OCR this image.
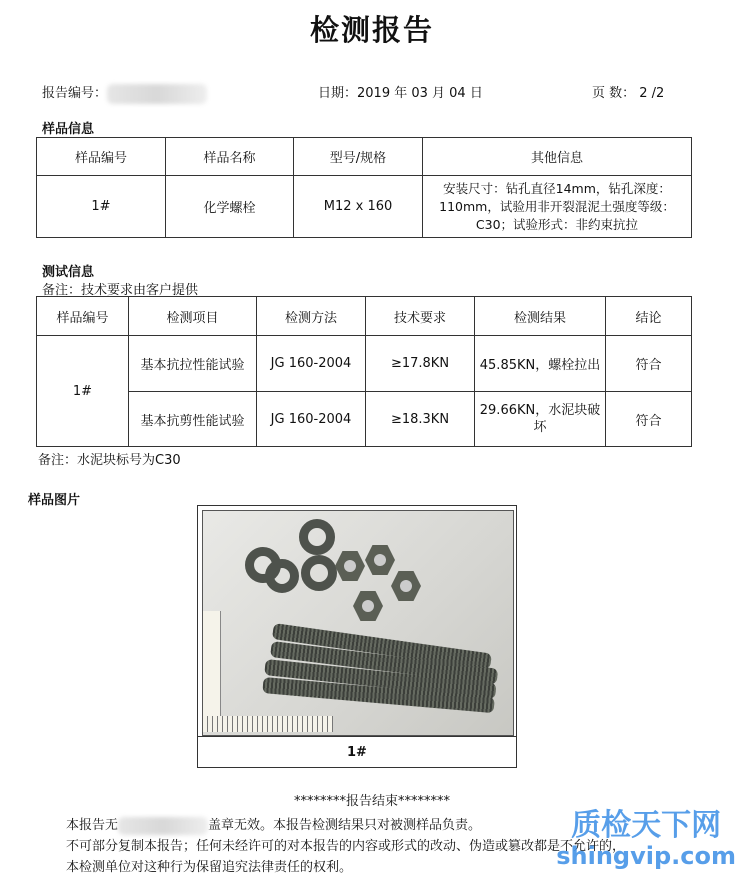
检测报告
报告编号：	日期：2019 年 03 月 04 日	页 数： 2 /2
样品信息
样品编号	样品名称	型号/规格	其他信息
1#	化学螺栓	M12 x 160	安装尺寸：钻孔直径14mm，钻孔深度：110mm，试验用非开裂混泥土强度等级：C30；试验形式：非约束抗拉
测试信息
备注：技术要求由客户提供
样品编号	检测项目	检测方法	技术要求	检测结果	结论
1#	基本抗拉性能试验	JG 160-2004	≥17.8KN	45.85KN，螺栓拉出	符合
	基本抗剪性能试验	JG 160-2004	≥18.3KN	29.66KN，水泥块破坏	符合
备注：水泥块标号为C30
样品图片
1#
********报告结束********
本报告无	盖章无效。本报告检测结果只对被测样品负责。
不可部分复制本报告；任何未经许可的对本报告的内容或形式的改动、伪造或篡改都是不允许的，
本检测单位对这种行为保留追究法律责任的权利。
质检天下网
shingvip.com
